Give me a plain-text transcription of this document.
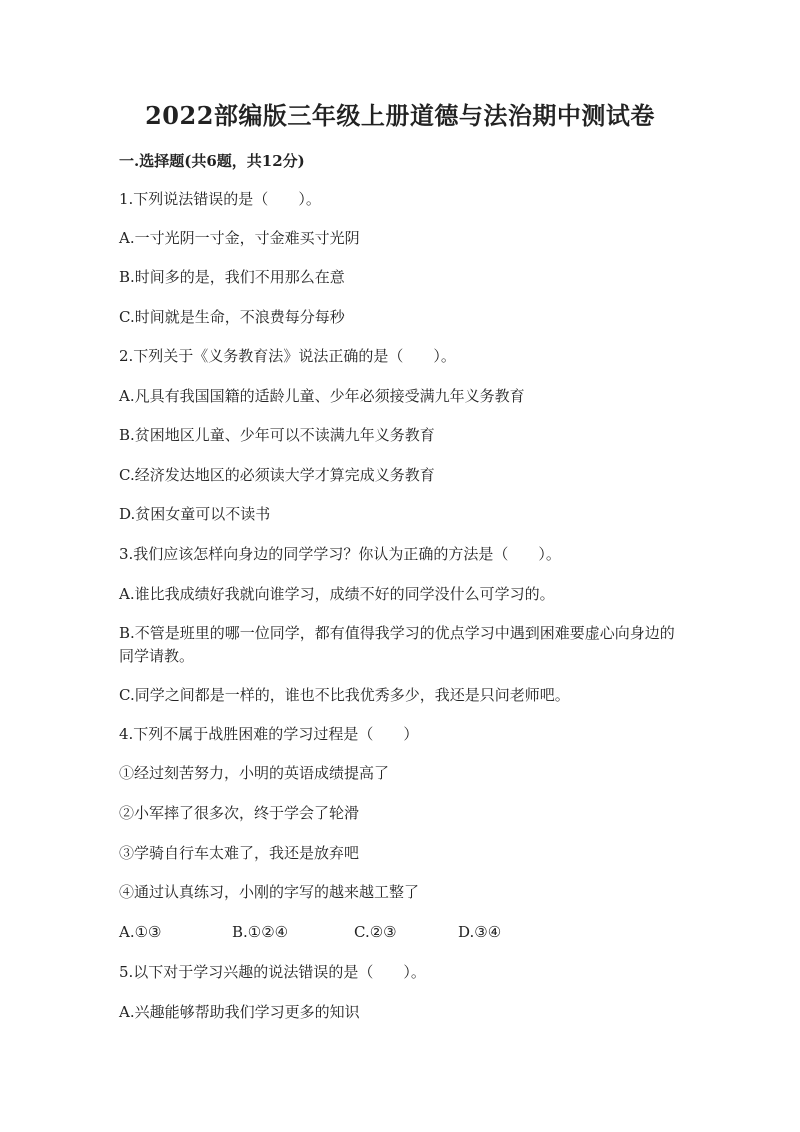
2022部编版三年级上册道德与法治期中测试卷
一.选择题(共6题，共12分)
1.下列说法错误的是（　　）。
A.一寸光阴一寸金，寸金难买寸光阴
B.时间多的是，我们不用那么在意
C.时间就是生命，不浪费每分每秒
2.下列关于《义务教育法》说法正确的是（　　）。
A.凡具有我国国籍的适龄儿童、少年必须接受满九年义务教育
B.贫困地区儿童、少年可以不读满九年义务教育
C.经济发达地区的必须读大学才算完成义务教育
D.贫困女童可以不读书
3.我们应该怎样向身边的同学学习？你认为正确的方法是（　　）。
A.谁比我成绩好我就向谁学习，成绩不好的同学没什么可学习的。
B.不管是班里的哪一位同学，都有值得我学习的优点学习中遇到困难要虚心向身边的同学请教。
C.同学之间都是一样的，谁也不比我优秀多少，我还是只问老师吧。
4.下列不属于战胜困难的学习过程是（　　）
①经过刻苦努力，小明的英语成绩提高了
②小军摔了很多次，终于学会了轮滑
③学骑自行车太难了，我还是放弃吧
④通过认真练习，小刚的字写的越来越工整了
A.①③	B.①②④	C.②③	D.③④
5.以下对于学习兴趣的说法错误的是（　　）。
A.兴趣能够帮助我们学习更多的知识
